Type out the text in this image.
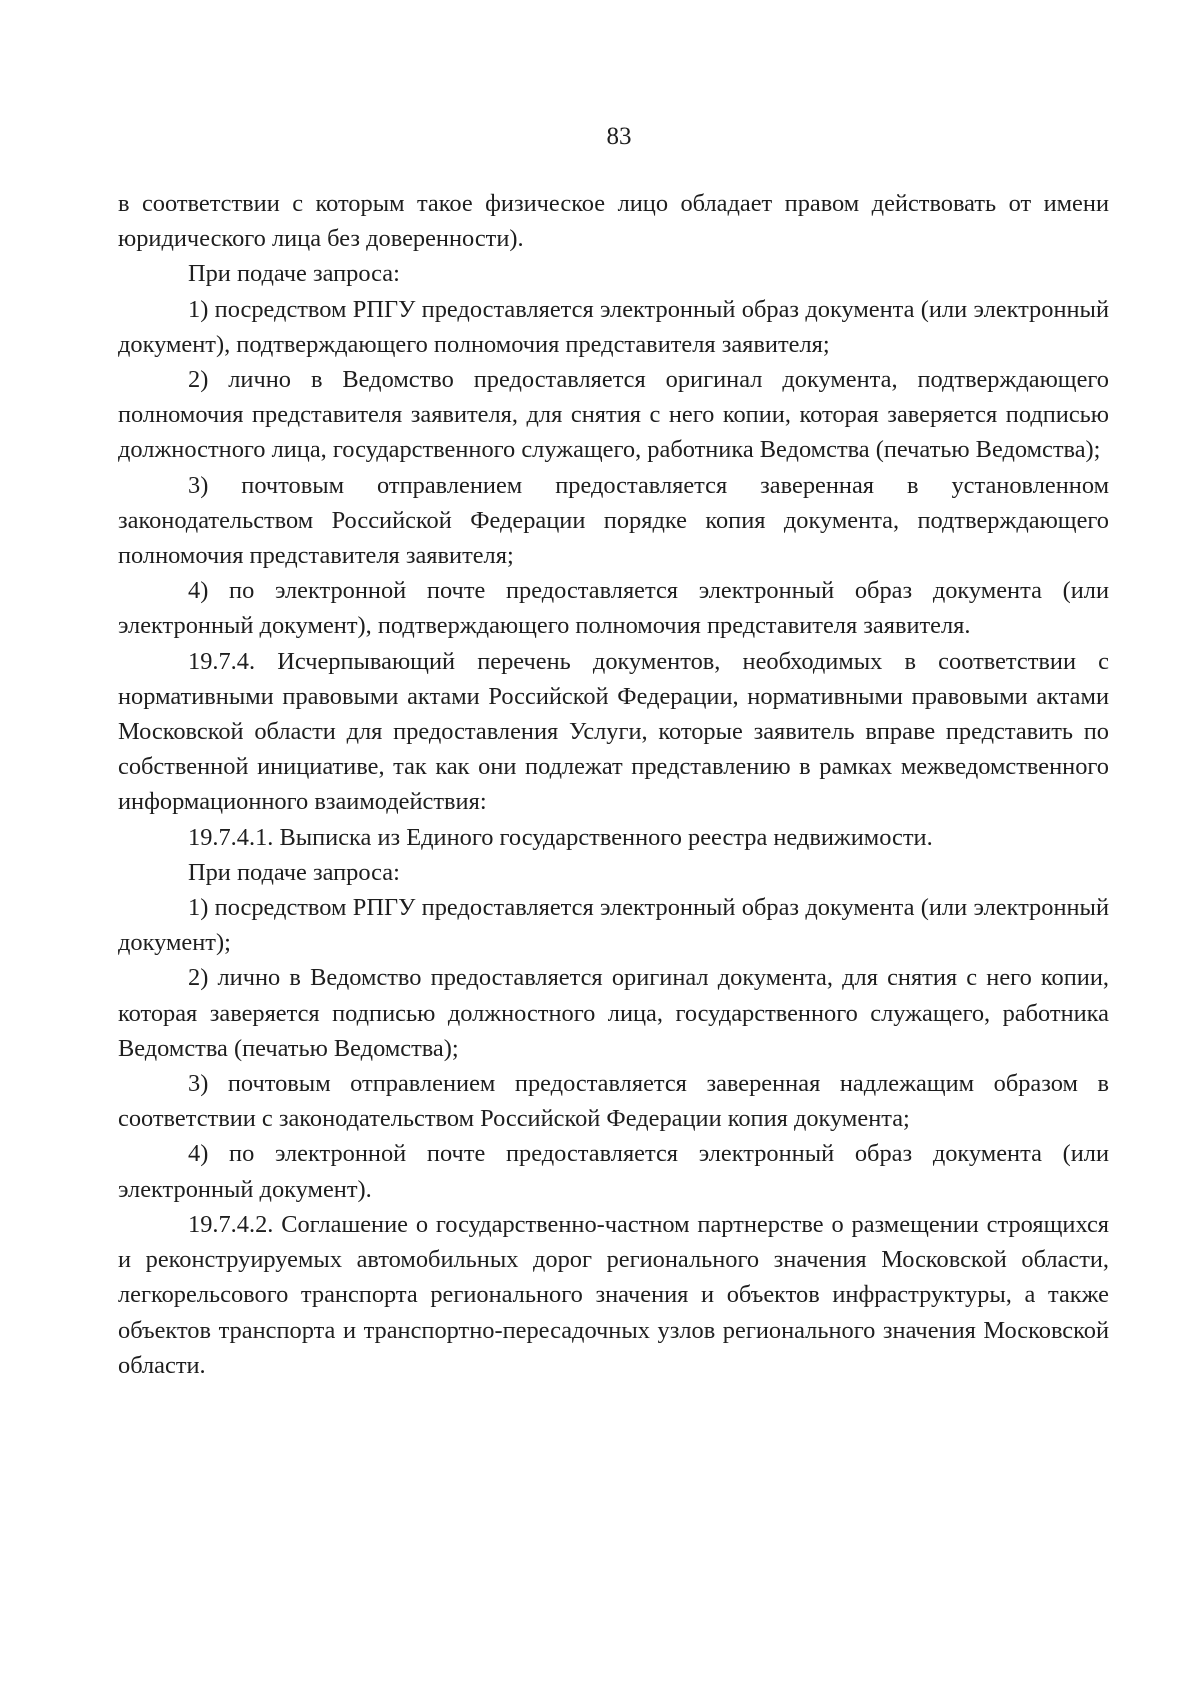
83

в соответствии с которым такое физическое лицо обладает правом действовать от имени юридического лица без доверенности).

При подаче запроса:

1) посредством РПГУ предоставляется электронный образ документа (или электронный документ), подтверждающего полномочия представителя заявителя;

2) лично в Ведомство предоставляется оригинал документа, подтверждающего полномочия представителя заявителя, для снятия с него копии, которая заверяется подписью должностного лица, государственного служащего, работника Ведомства (печатью Ведомства);

3) почтовым отправлением предоставляется заверенная в установленном законодательством Российской Федерации порядке копия документа, подтверждающего полномочия представителя заявителя;

4) по электронной почте предоставляется электронный образ документа (или электронный документ), подтверждающего полномочия представителя заявителя.

19.7.4. Исчерпывающий перечень документов, необходимых в соответствии с нормативными правовыми актами Российской Федерации, нормативными правовыми актами Московской области для предоставления Услуги, которые заявитель вправе представить по собственной инициативе, так как они подлежат представлению в рамках межведомственного информационного взаимодействия:

19.7.4.1. Выписка из Единого государственного реестра недвижимости.

При подаче запроса:

1) посредством РПГУ предоставляется электронный образ документа (или электронный документ);

2) лично в Ведомство предоставляется оригинал документа, для снятия с него копии, которая заверяется подписью должностного лица, государственного служащего, работника Ведомства (печатью Ведомства);

3) почтовым отправлением предоставляется заверенная надлежащим образом в соответствии с законодательством Российской Федерации копия документа;

4) по электронной почте предоставляется электронный образ документа (или электронный документ).

19.7.4.2. Соглашение о государственно-частном партнерстве о размещении строящихся и реконструируемых автомобильных дорог регионального значения Московской области, легкорельсового транспорта регионального значения и объектов инфраструктуры, а также объектов транспорта и транспортно-пересадочных узлов регионального значения Московской области.
